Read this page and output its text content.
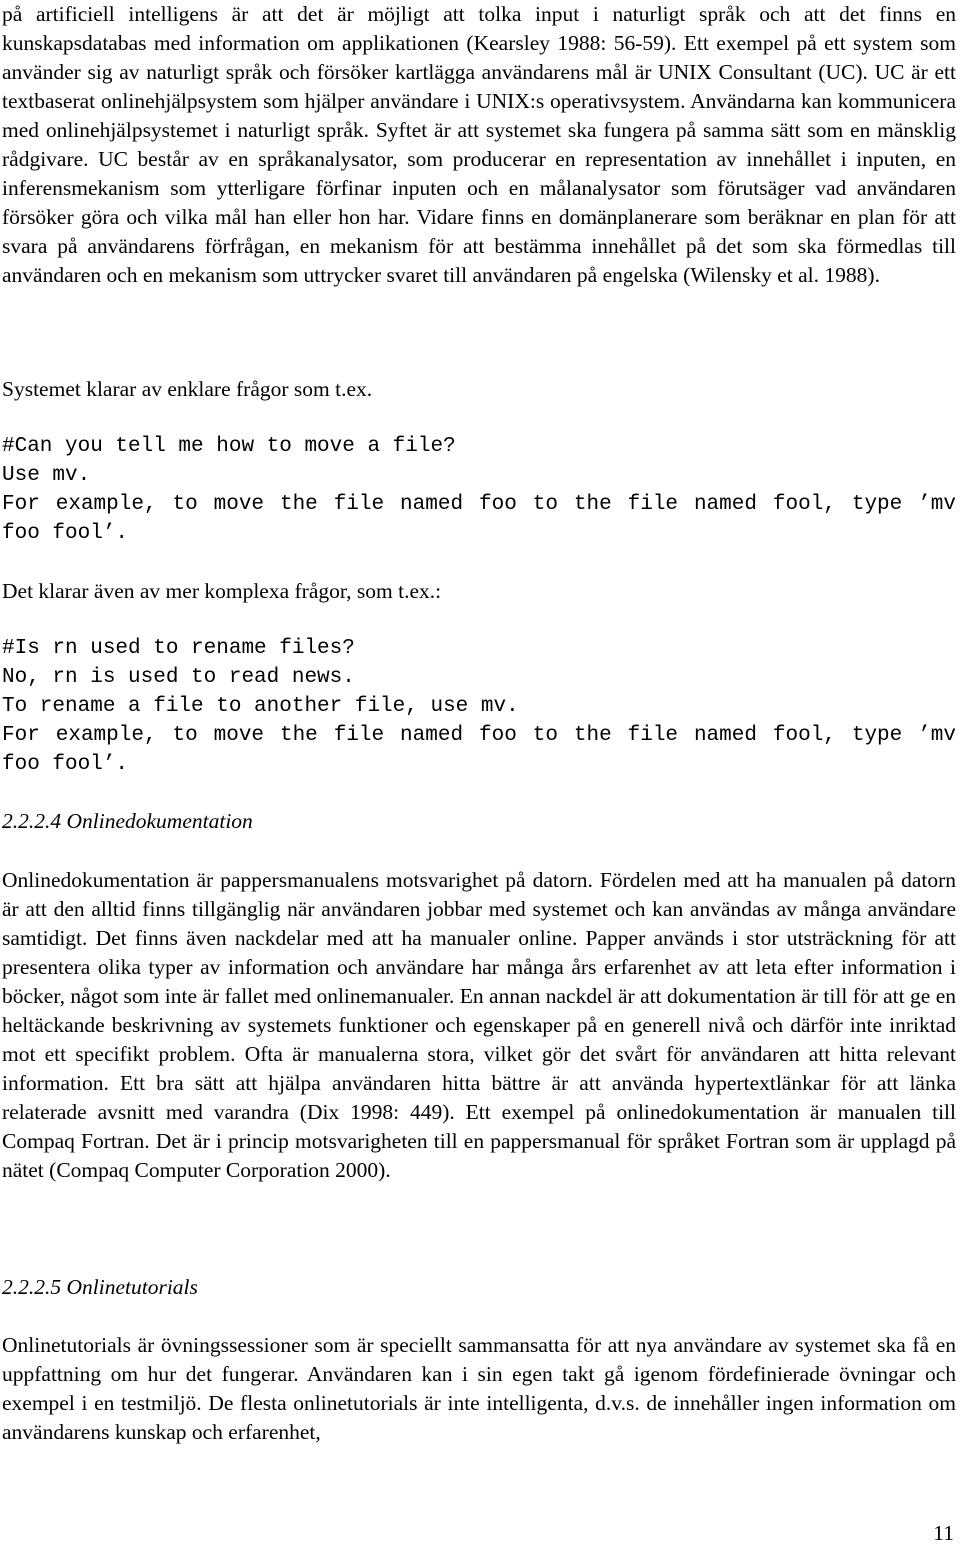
på artificiell intelligens är att det är möjligt att tolka input i naturligt språk och att det finns en kunskapsdatabas med information om applikationen (Kearsley 1988: 56-59). Ett exempel på ett system som använder sig av naturligt språk och försöker kartlägga användarens mål är UNIX Consultant (UC). UC är ett textbaserat onlinehjälpsystem som hjälper användare i UNIX:s operativsystem. Användarna kan kommunicera med onlinehjälpsystemet i naturligt språk. Syftet är att systemet ska fungera på samma sätt som en mänsklig rådgivare. UC består av en språkanalysator, som producerar en representation av innehållet i inputen, en inferensmekanism som ytterligare förfinar inputen och en målanalysator som förutsäger vad användaren försöker göra och vilka mål han eller hon har. Vidare finns en domänplanerare som beräknar en plan för att svara på användarens förfrågan, en mekanism för att bestämma innehållet på det som ska förmedlas till användaren och en mekanism som uttrycker svaret till användaren på engelska (Wilensky et al. 1988).

Systemet klarar av enklare frågor som t.ex.

#Can you tell me how to move a file?
Use mv.
For example, to move the file named foo to the file named fool, type ’mv foo fool’.

Det klarar även av mer komplexa frågor, som t.ex.:

#Is rn used to rename files?
No, rn is used to read news.
To rename a file to another file, use mv.
For example, to move the file named foo to the file named fool, type ’mv foo fool’.

2.2.2.4 Onlinedokumentation

Onlinedokumentation är pappersmanualens motsvarighet på datorn. Fördelen med att ha manualen på datorn är att den alltid finns tillgänglig när användaren jobbar med systemet och kan användas av många användare samtidigt. Det finns även nackdelar med att ha manualer online. Papper används i stor utsträckning för att presentera olika typer av information och användare har många års erfarenhet av att leta efter information i böcker, något som inte är fallet med onlinemanualer. En annan nackdel är att dokumentation är till för att ge en heltäckande beskrivning av systemets funktioner och egenskaper på en generell nivå och därför inte inriktad mot ett specifikt problem. Ofta är manualerna stora, vilket gör det svårt för användaren att hitta relevant information. Ett bra sätt att hjälpa användaren hitta bättre är att använda hypertextlänkar för att länka relaterade avsnitt med varandra (Dix 1998: 449). Ett exempel på onlinedokumentation är manualen till Compaq Fortran. Det är i princip motsvarigheten till en pappersmanual för språket Fortran som är upplagd på nätet (Compaq Computer Corporation 2000).

2.2.2.5 Onlinetutorials

Onlinetutorials är övningssessioner som är speciellt sammansatta för att nya användare av systemet ska få en uppfattning om hur det fungerar. Användaren kan i sin egen takt gå igenom fördefinierade övningar och exempel i en testmiljö. De flesta onlinetutorials är inte intelligenta, d.v.s. de innehåller ingen information om användarens kunskap och erfarenhet,

11
